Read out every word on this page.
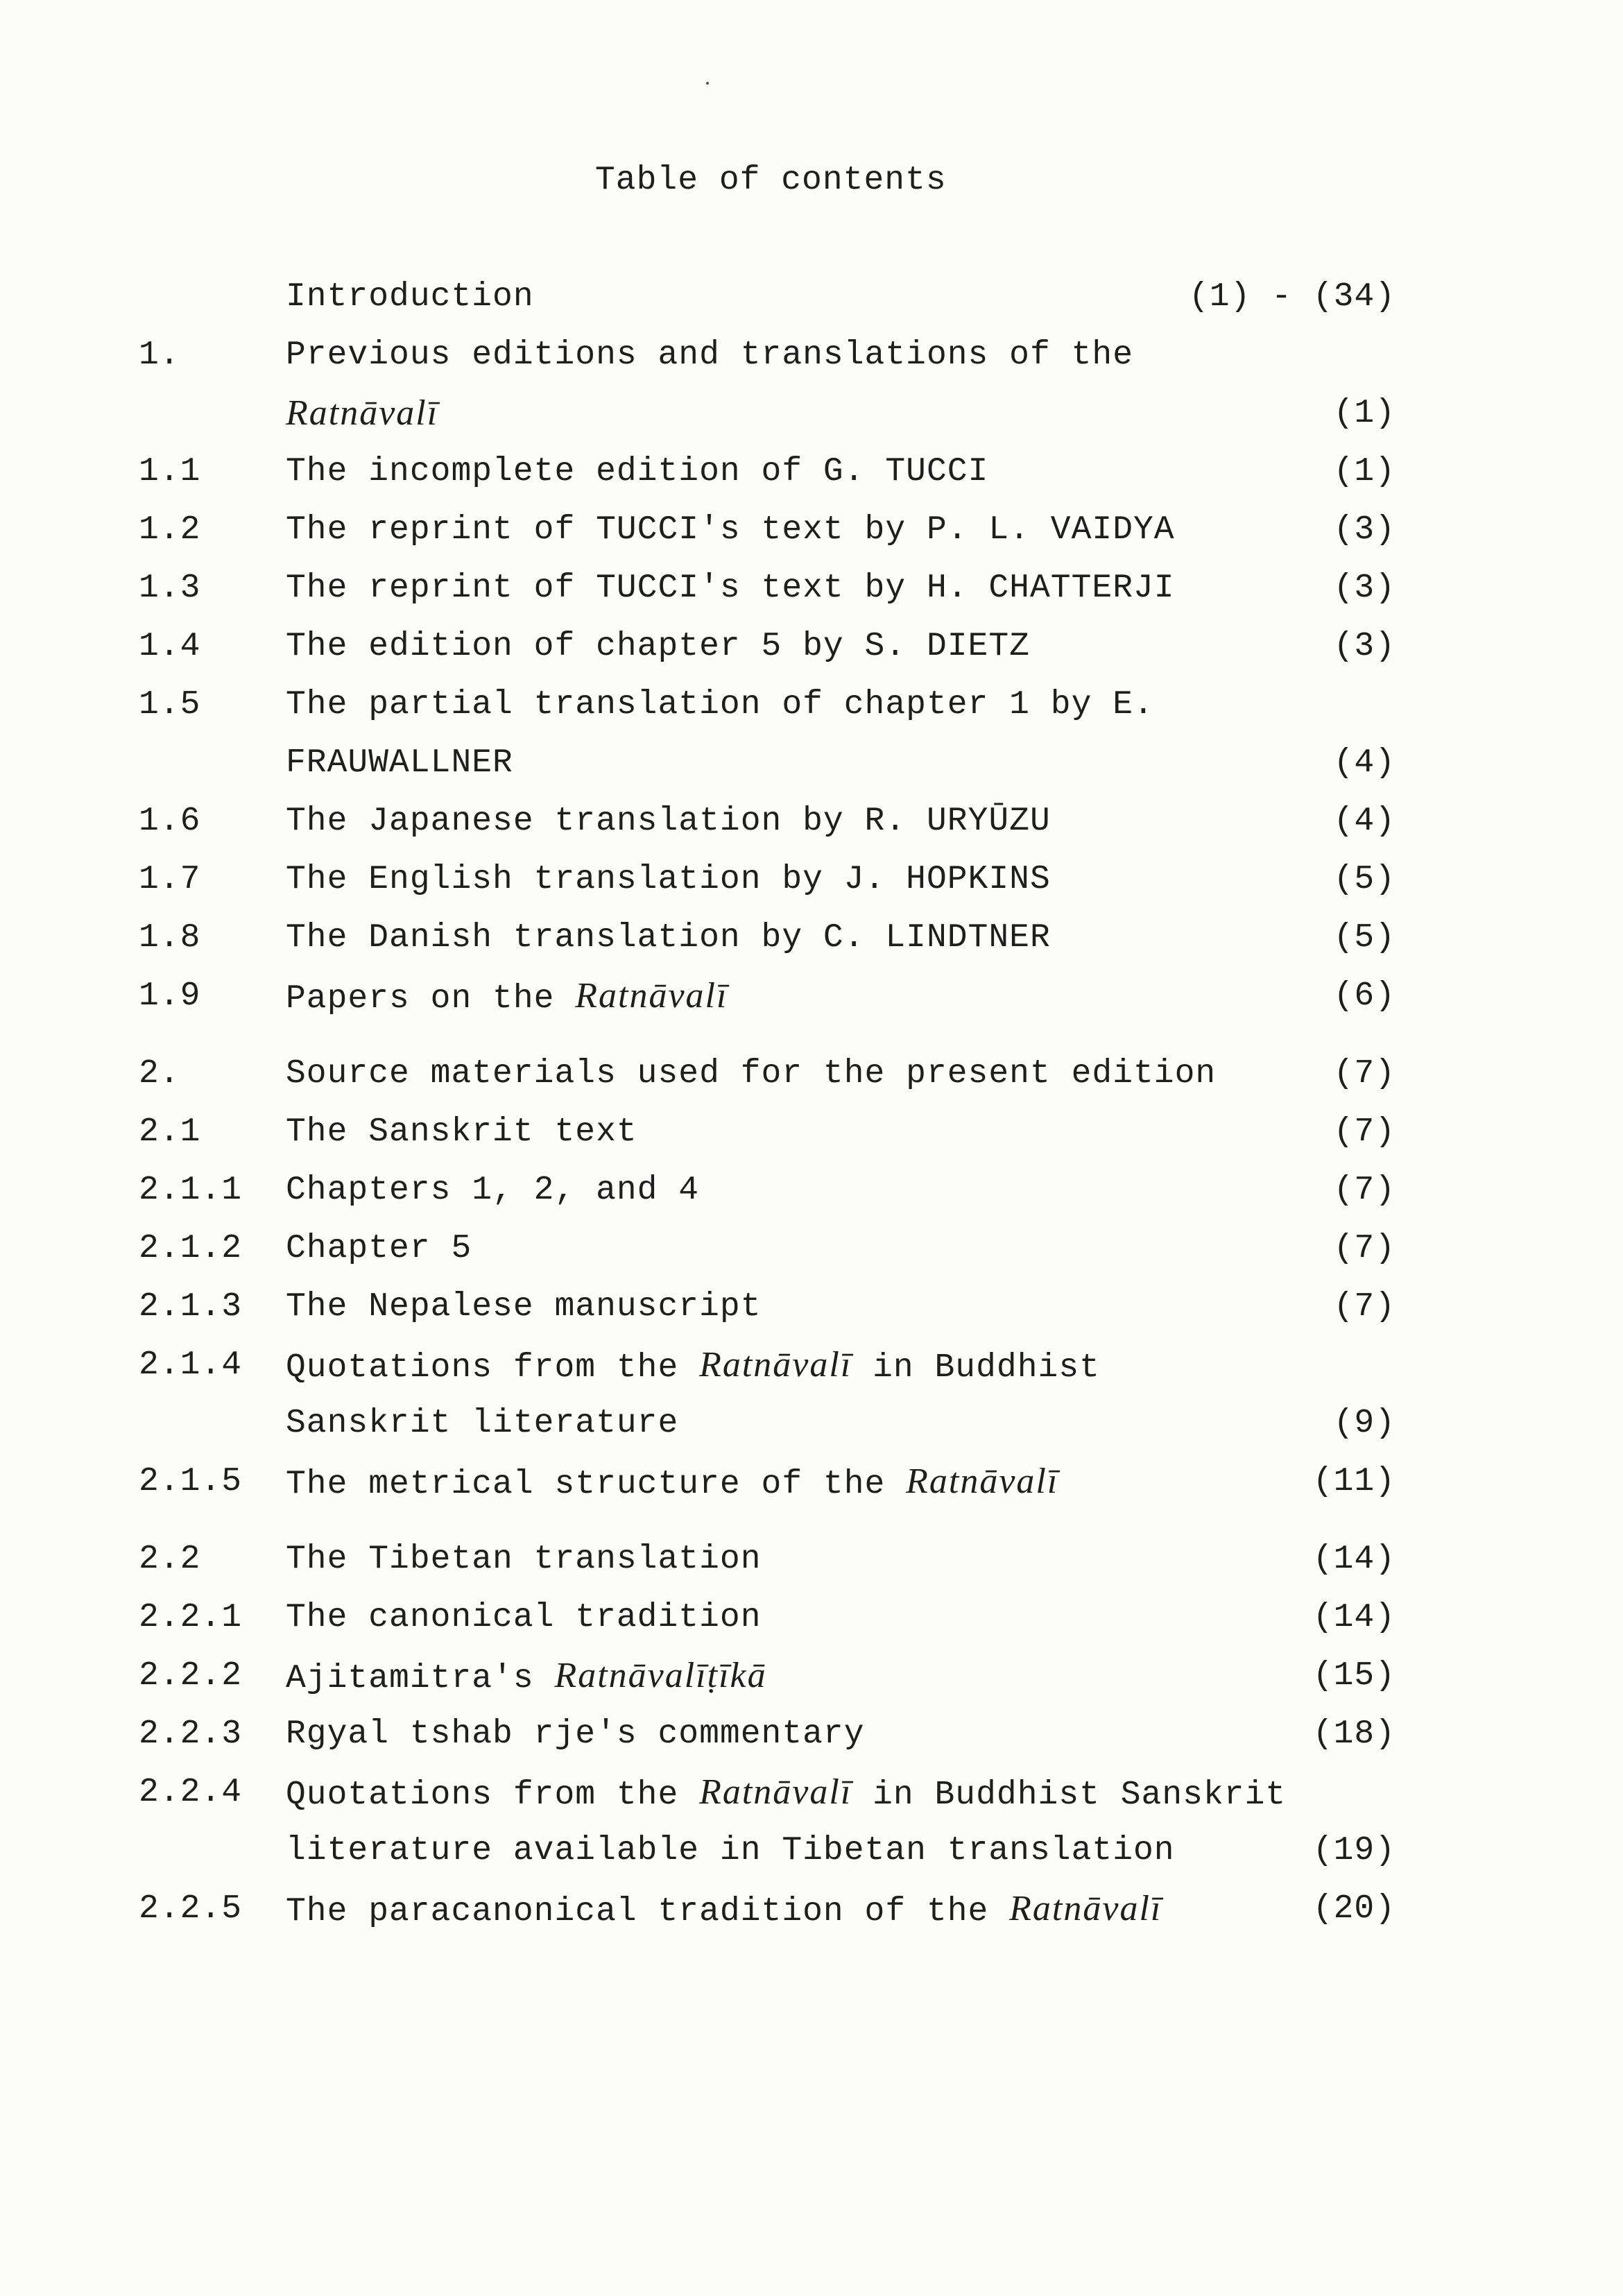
Table of contents
Introduction	(1) - (34)
1.	Previous editions and translations of the
Ratnāvalī	(1)
1.1	The incomplete edition of G. TUCCI	(1)
1.2	The reprint of TUCCI's text by P. L. VAIDYA	(3)
1.3	The reprint of TUCCI's text by H. CHATTERJI	(3)
1.4	The edition of chapter 5 by S. DIETZ	(3)
1.5	The partial translation of chapter 1 by E.
FRAUWALLNER	(4)
1.6	The Japanese translation by R. URYŪZU	(4)
1.7	The English translation by J. HOPKINS	(5)
1.8	The Danish translation by C. LINDTNER	(5)
1.9	Papers on the Ratnāvalī	(6)
2.	Source materials used for the present edition	(7)
2.1	The Sanskrit text	(7)
2.1.1 Chapters 1, 2, and 4	(7)
2.1.2 Chapter 5	(7)
2.1.3 The Nepalese manuscript	(7)
2.1.4 Quotations from the Ratnāvalī in Buddhist
Sanskrit literature	(9)
2.1.5 The metrical structure of the Ratnāvalī	(11)
2.2	The Tibetan translation	(14)
2.2.1 The canonical tradition	(14)
2.2.2 Ajitamitra's Ratnāvalīṭīkā	(15)
2.2.3 Rgyal tshab rje's commentary	(18)
2.2.4 Quotations from the Ratnāvalī in Buddhist Sanskrit
literature available in Tibetan translation	(19)
2.2.5 The paracanonical tradition of the Ratnāvalī	(20)
